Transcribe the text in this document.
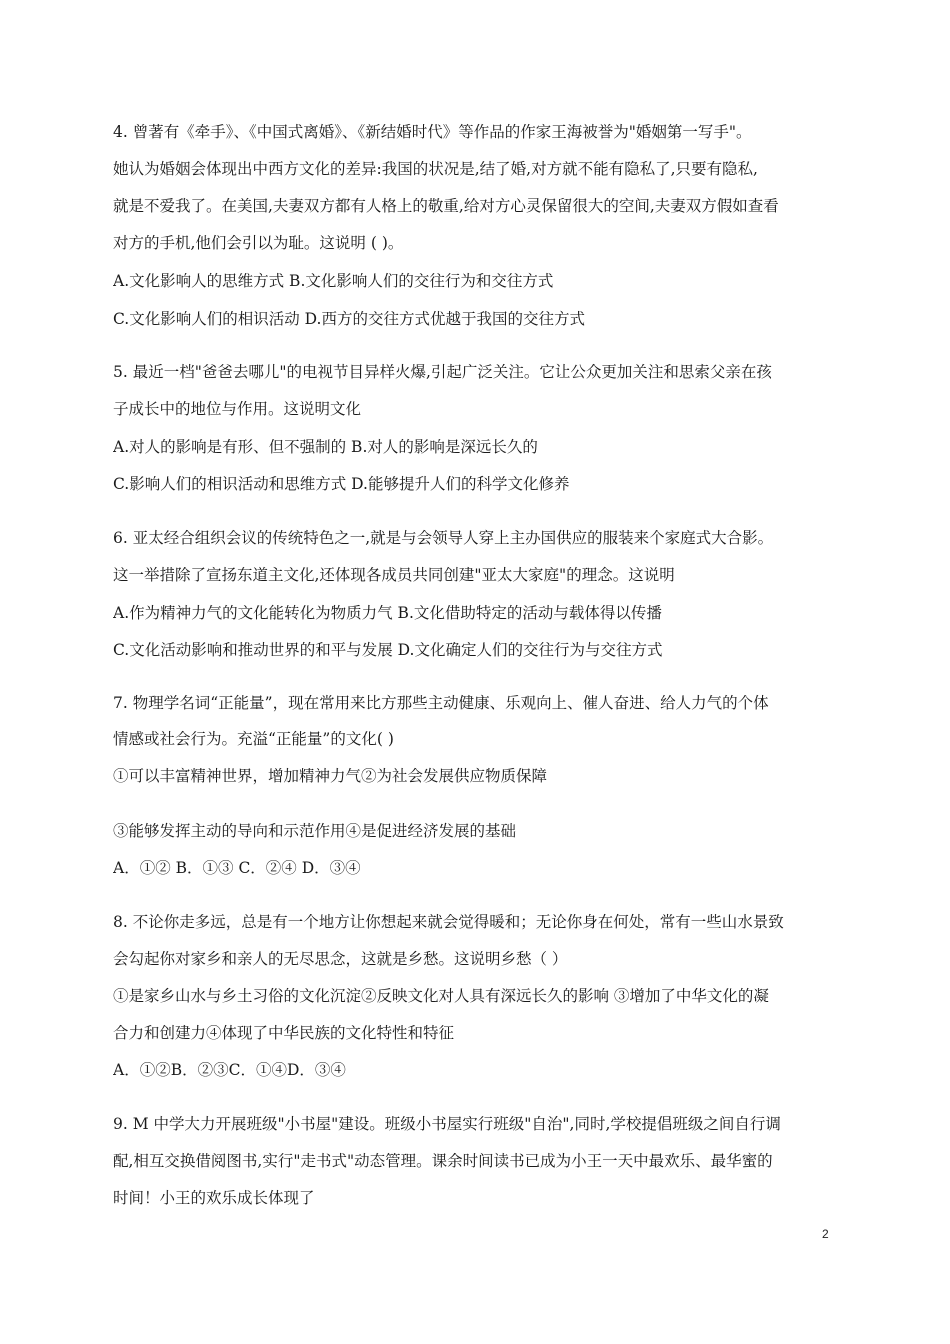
4. 曾著有《牵手》、《中国式离婚》、《新结婚时代》等作品的作家王海被誉为"婚姻第一写手"。
她认为婚姻会体现出中西方文化的差异:我国的状况是,结了婚,对方就不能有隐私了,只要有隐私,
就是不爱我了。在美国,夫妻双方都有人格上的敬重,给对方心灵保留很大的空间,夫妻双方假如查看
对方的手机,他们会引以为耻。这说明 ( )。
A.文化影响人的思维方式 B.文化影响人们的交往行为和交往方式
C.文化影响人们的相识活动 D.西方的交往方式优越于我国的交往方式
5. 最近一档"爸爸去哪儿"的电视节目异样火爆,引起广泛关注。它让公众更加关注和思索父亲在孩
子成长中的地位与作用。这说明文化
A.对人的影响是有形、但不强制的 B.对人的影响是深远长久的
C.影响人们的相识活动和思维方式 D.能够提升人们的科学文化修养
6. 亚太经合组织会议的传统特色之一,就是与会领导人穿上主办国供应的服装来个家庭式大合影。
这一举措除了宣扬东道主文化,还体现各成员共同创建"亚太大家庭"的理念。这说明
A.作为精神力气的文化能转化为物质力气 B.文化借助特定的活动与载体得以传播
C.文化活动影响和推动世界的和平与发展 D.文化确定人们的交往行为与交往方式
7. 物理学名词“正能量”，现在常用来比方那些主动健康、乐观向上、催人奋进、给人力气的个体
情感或社会行为。充溢“正能量”的文化( )
①可以丰富精神世界，增加精神力气②为社会发展供应物质保障
③能够发挥主动的导向和示范作用④是促进经济发展的基础
A．①② B．①③ C．②④ D．③④
8. 不论你走多远，总是有一个地方让你想起来就会觉得暖和；无论你身在何处，常有一些山水景致
会勾起你对家乡和亲人的无尽思念，这就是乡愁。这说明乡愁（ ）
①是家乡山水与乡土习俗的文化沉淀②反映文化对人具有深远长久的影响 ③增加了中华文化的凝
合力和创建力④体现了中华民族的文化特性和特征
A．①②B．②③C．①④D．③④
9. M 中学大力开展班级"小书屋"建设。班级小书屋实行班级"自治",同时,学校提倡班级之间自行调
配,相互交换借阅图书,实行"走书式"动态管理。课余时间读书已成为小王一天中最欢乐、最华蜜的
时间！小王的欢乐成长体现了
2
